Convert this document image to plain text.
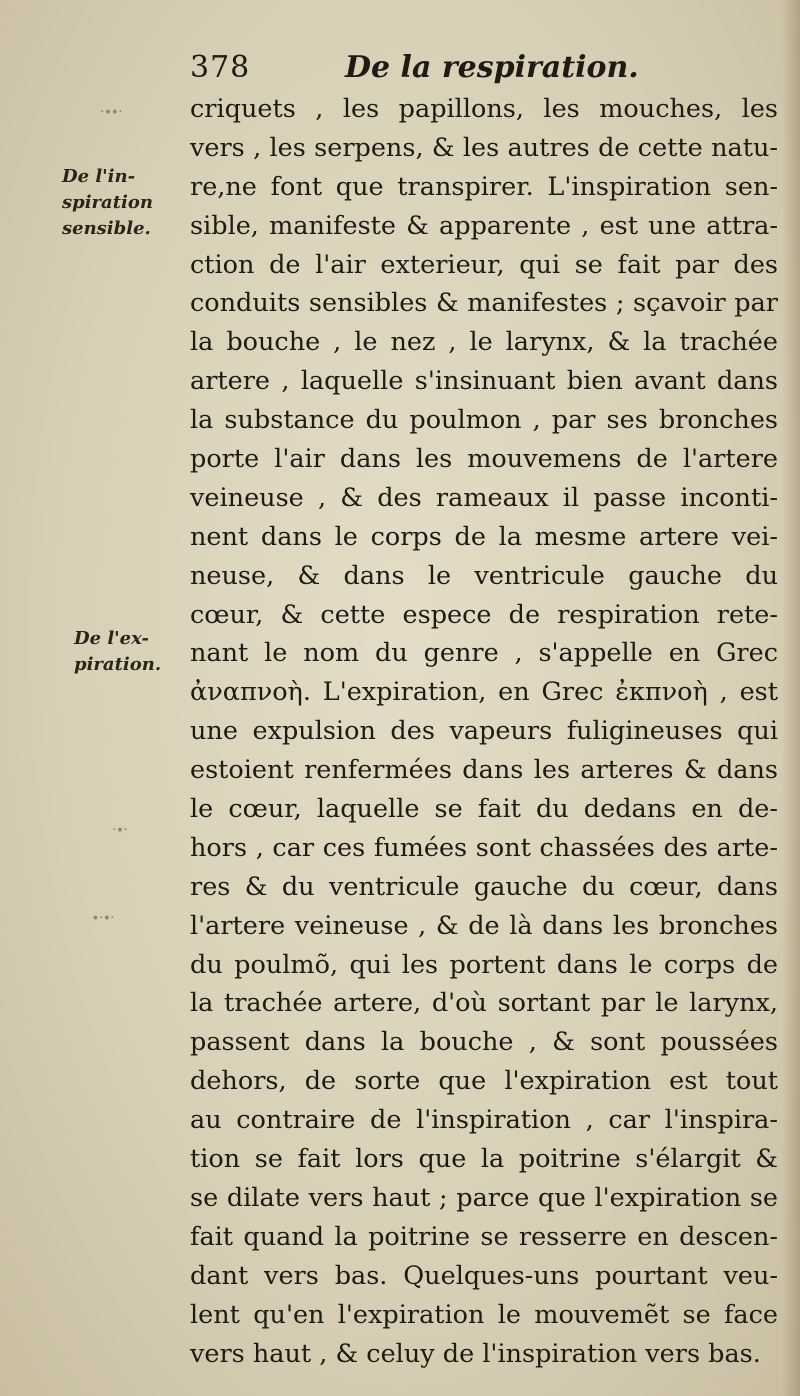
378	De la respiration.
De l'in-
spiration
sensible.
De l'ex-
piration.
·∙∙·
·∙·
∙·∙·
criquets , les papillons, les mouches, les
vers , les serpens, & les autres de cette natu-
re,ne font que transpirer. L'inspiration sen-
sible, manifeste & apparente , est une attra-
ction de l'air exterieur, qui se fait par des
conduits sensibles & manifestes ; sçavoir par
la bouche , le nez , le larynx, & la trachée
artere , laquelle s'insinuant bien avant dans
la substance du poulmon , par ses bronches
porte l'air dans les mouvemens de l'artere
veineuse , & des rameaux il passe inconti-
nent dans le corps de la mesme artere vei-
neuse, & dans le ventricule gauche du
cœur, & cette espece de respiration rete-
nant le nom du genre , s'appelle en Grec
ἀναπνοὴ. L'expiration, en Grec ἐκπνοὴ , est
une expulsion des vapeurs fuligineuses qui
estoient renfermées dans les arteres & dans
le cœur, laquelle se fait du dedans en de-
hors , car ces fumées sont chassées des arte-
res & du ventricule gauche du cœur, dans
l'artere veineuse , & de là dans les bronches
du poulmõ, qui les portent dans le corps de
la trachée artere, d'où sortant par le larynx,
passent dans la bouche , & sont poussées
dehors, de sorte que l'expiration est tout
au contraire de l'inspiration , car l'inspira-
tion se fait lors que la poitrine s'élargit &
se dilate vers haut ; parce que l'expiration se
fait quand la poitrine se resserre en descen-
dant vers bas. Quelques-uns pourtant veu-
lent qu'en l'expiration le mouvemẽt se face
vers haut , & celuy de l'inspiration vers bas.
